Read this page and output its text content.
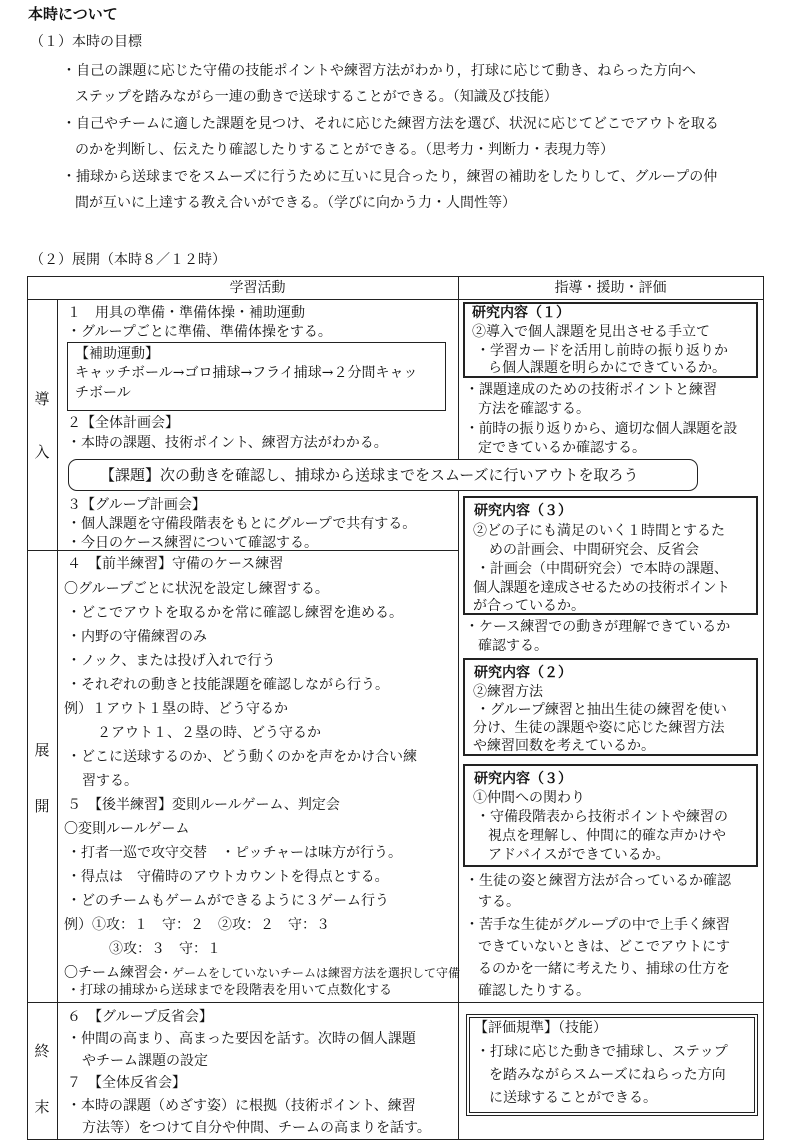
本時について
（１）本時の目標
・自己の課題に応じた守備の技能ポイントや練習方法がわかり，打球に応じて動き、ねらった方向へ
ステップを踏みながら一連の動きで送球することができる。（知識及び技能）
・自己やチームに適した課題を見つけ、それに応じた練習方法を選び、状況に応じてどこでアウトを取る
のかを判断し、伝えたり確認したりすることができる。（思考力・判断力・表現力等）
・捕球から送球までをスムーズに行うために互いに見合ったり，練習の補助をしたりして、グループの仲
間が互いに上達する教え合いができる。（学びに向かう力・人間性等）
（２）展開（本時８／１２時）
学習活動	指導・援助・評価
導
入
展
開
終
末
１　用具の準備・準備体操・補助運動
・グループごとに準備、準備体操をする。
【補助運動】
キャッチボール→ゴロ捕球→フライ捕球→２分間キャッ
チボール
２【全体計画会】
・本時の課題、技術ポイント、練習方法がわかる。
【課題】次の動きを確認し、捕球から送球までをスムーズに行いアウトを取ろう
３【グループ計画会】
・個人課題を守備段階表をもとにグループで共有する。
・今日のケース練習について確認する。
４　【前半練習】守備のケース練習
〇グループごとに状況を設定し練習する。
・どこでアウトを取るかを常に確認し練習を進める。
・内野の守備練習のみ
・ノック、または投げ入れで行う
・それぞれの動きと技能課題を確認しながら行う。
例）１アウト１塁の時、どう守るか
２アウト１、２塁の時、どう守るか
・どこに送球するのか、どう動くのかを声をかけ合い練
習する。
５　【後半練習】変則ルールゲーム、判定会
〇変則ルールゲーム
・打者一巡で攻守交替　・ピッチャーは味方が行う。
・得点は　守備時のアウトカウントを得点とする。
・どのチームもゲームができるように３ゲーム行う
例）①攻：１　守：２　②攻：２　守：３
③攻：３　守：１
〇チーム練習会
研究内容（１）
②導入で個人課題を見出させる手立て
・学習カードを活用し前時の振り返りか
ら個人課題を明らかにできているか。
・課題達成のための技術ポイントと練習
方法を確認する。
・前時の振り返りから、適切な個人課題を設
定できているか確認する。
研究内容（３）
②どの子にも満足のいく１時間とするた
めの計画会、中間研究会、反省会
・計画会（中間研究会）で本時の課題、
個人課題を達成させるための技術ポイント
が合っているか。
・ケース練習での動きが理解できているか
確認する。
研究内容（２）
②練習方法
・グループ練習と抽出生徒の練習を使い
分け、生徒の課題や姿に応じた練習方法
や練習回数を考えているか。
研究内容（３）
①仲間への関わり
・守備段階表から技術ポイントや練習の
視点を理解し、仲間に的確な声かけや
アドバイスができているか。
・生徒の姿と練習方法が合っているか確認
する。
・苦手な生徒がグループの中で上手く練習
できていないときは、どこでアウトにす
るのかを一緒に考えたり、捕球の仕方を
確認したりする。
【評価規準】（技能）
・打球に応じた動きで捕球し、ステップ
を踏みながらスムーズにねらった方向
に送球することができる。
６　【グループ反省会】
・仲間の高まり、高まった要因を話す。次時の個人課題
やチーム課題の設定
７　【全体反省会】
・本時の課題（めざす姿）に根拠（技術ポイント、練習
方法等）をつけて自分や仲間、チームの高まりを話す。
・打球の捕球から送球までを段階表を用いて点数化する
・ゲームをしていないチームは練習方法を選択して守備
